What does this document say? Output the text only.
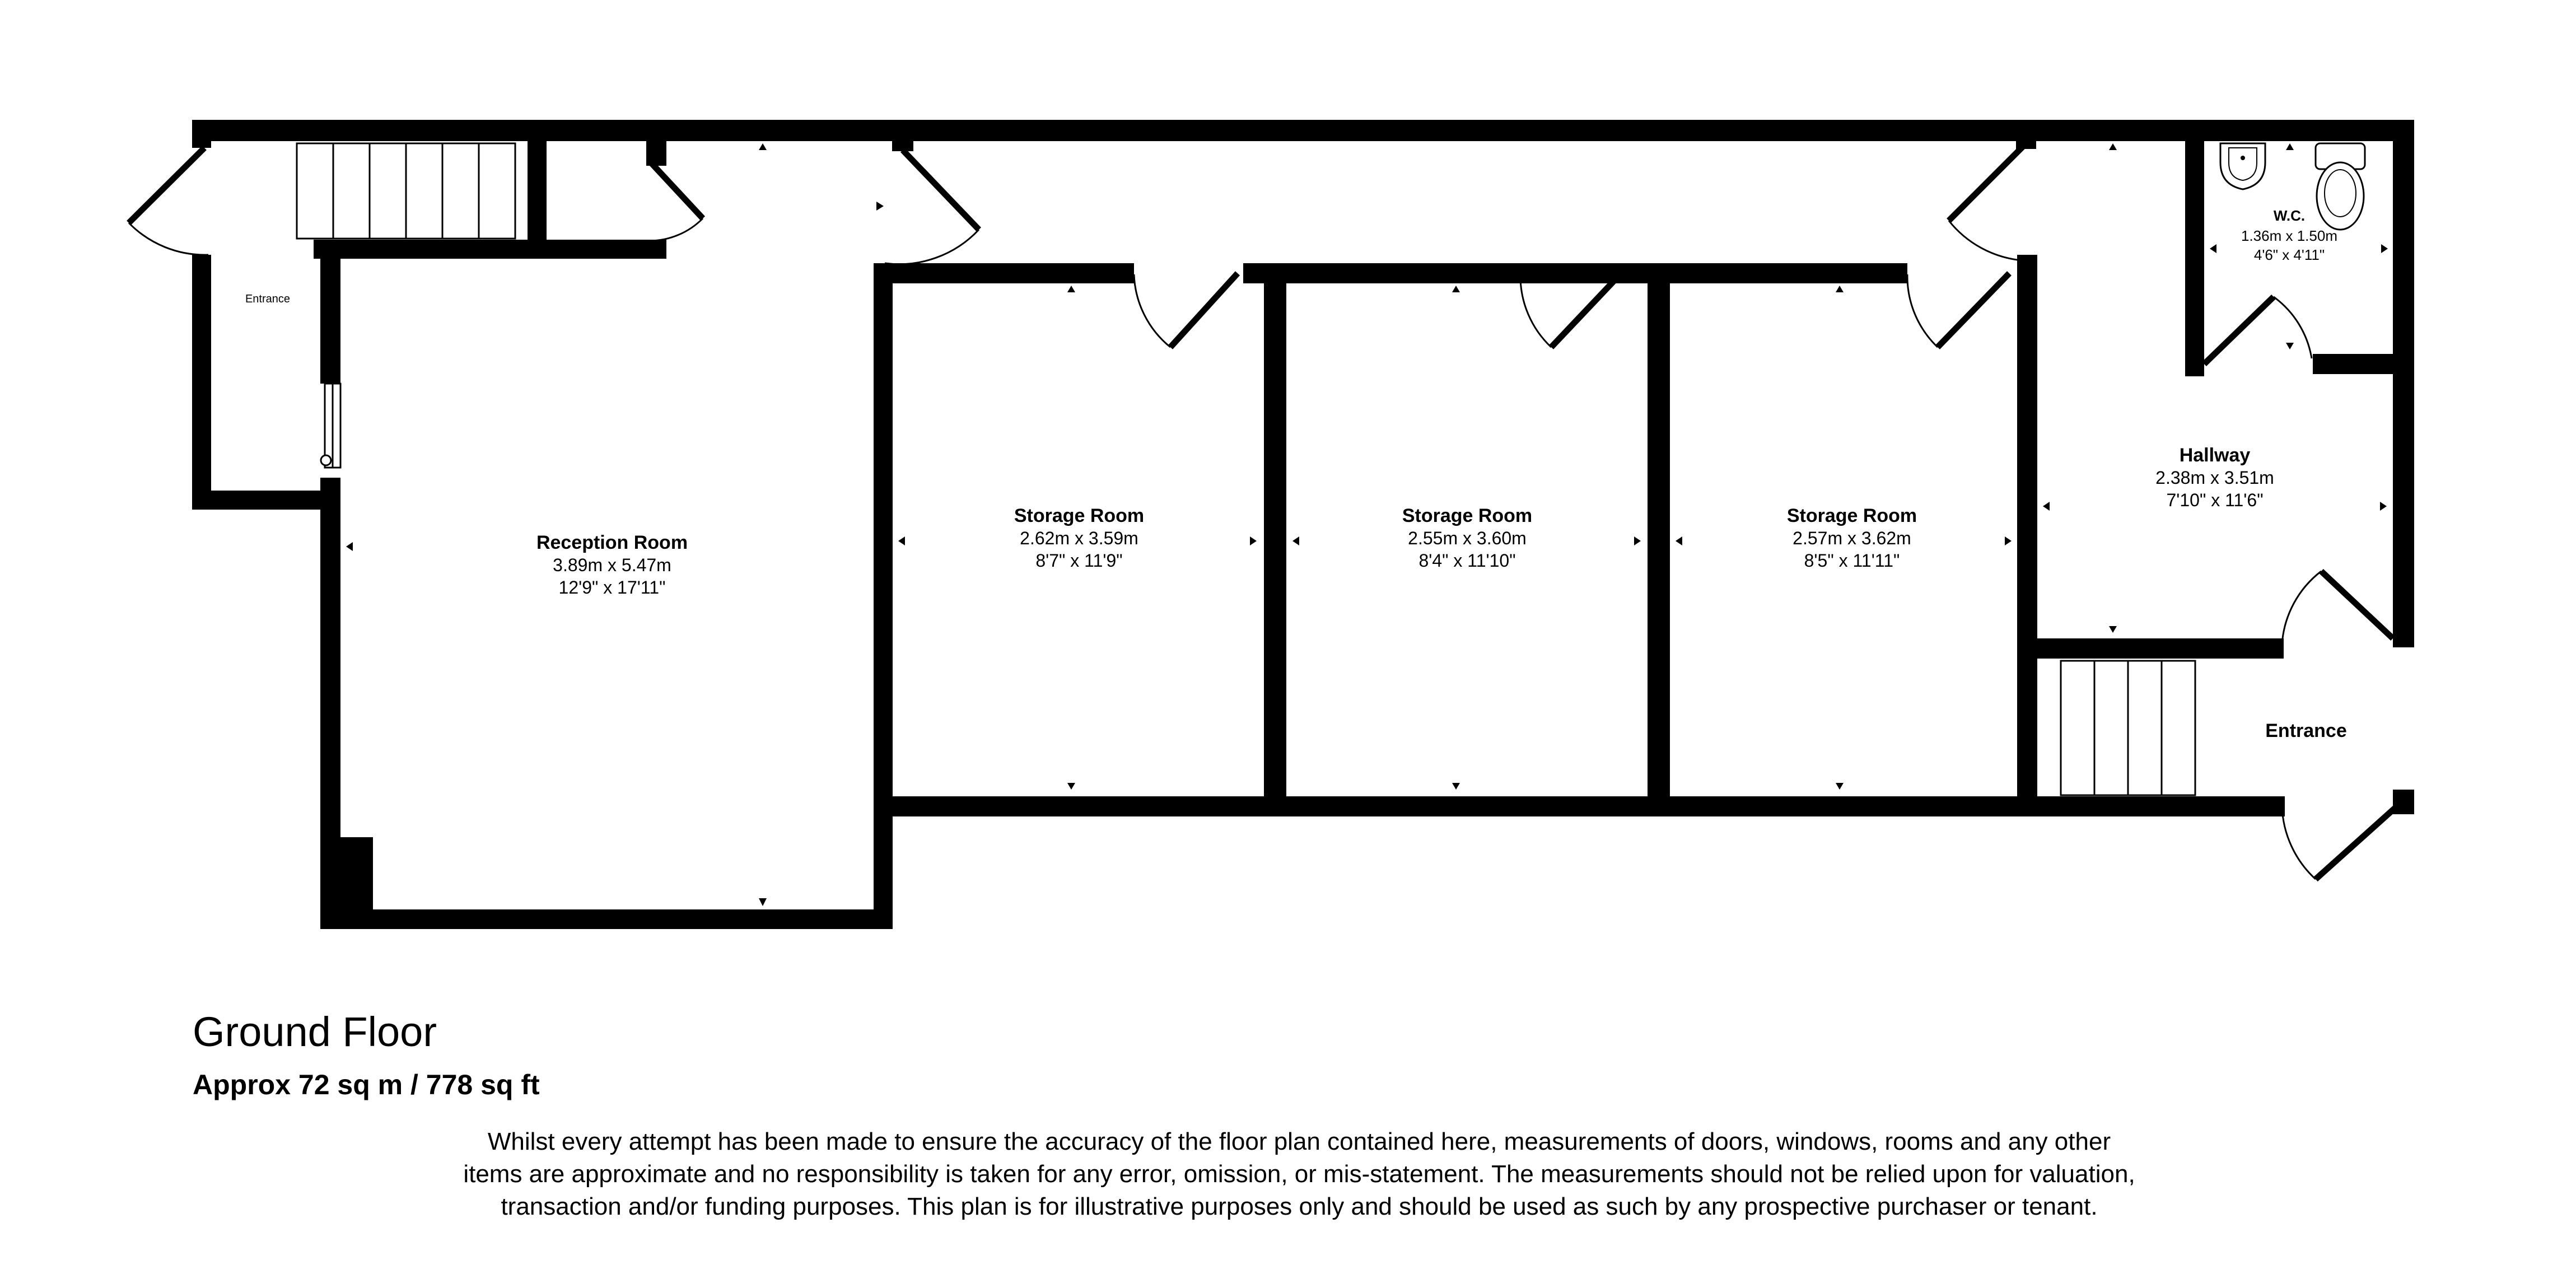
Entrance
Reception Room
3.89m x 5.47m
12'9" x 17'11"
Storage Room
2.62m x 3.59m
8'7" x 11'9"
Storage Room
2.55m x 3.60m
8'4" x 11'10"
Storage Room
2.57m x 3.62m
8'5" x 11'11"
W.C.
1.36m x 1.50m
4'6" x 4'11"
Hallway
2.38m x 3.51m
7'10" x 11'6"
Entrance
Ground Floor
Approx 72 sq m / 778 sq ft
Whilst every attempt has been made to ensure the accuracy of the floor plan contained here, measurements of doors, windows, rooms and any other items are approximate and no responsibility is taken for any error, omission, or mis-statement. The measurements should not be relied upon for valuation, transaction and/or funding purposes. This plan is for illustrative purposes only and should be used as such by any prospective purchaser or tenant.
